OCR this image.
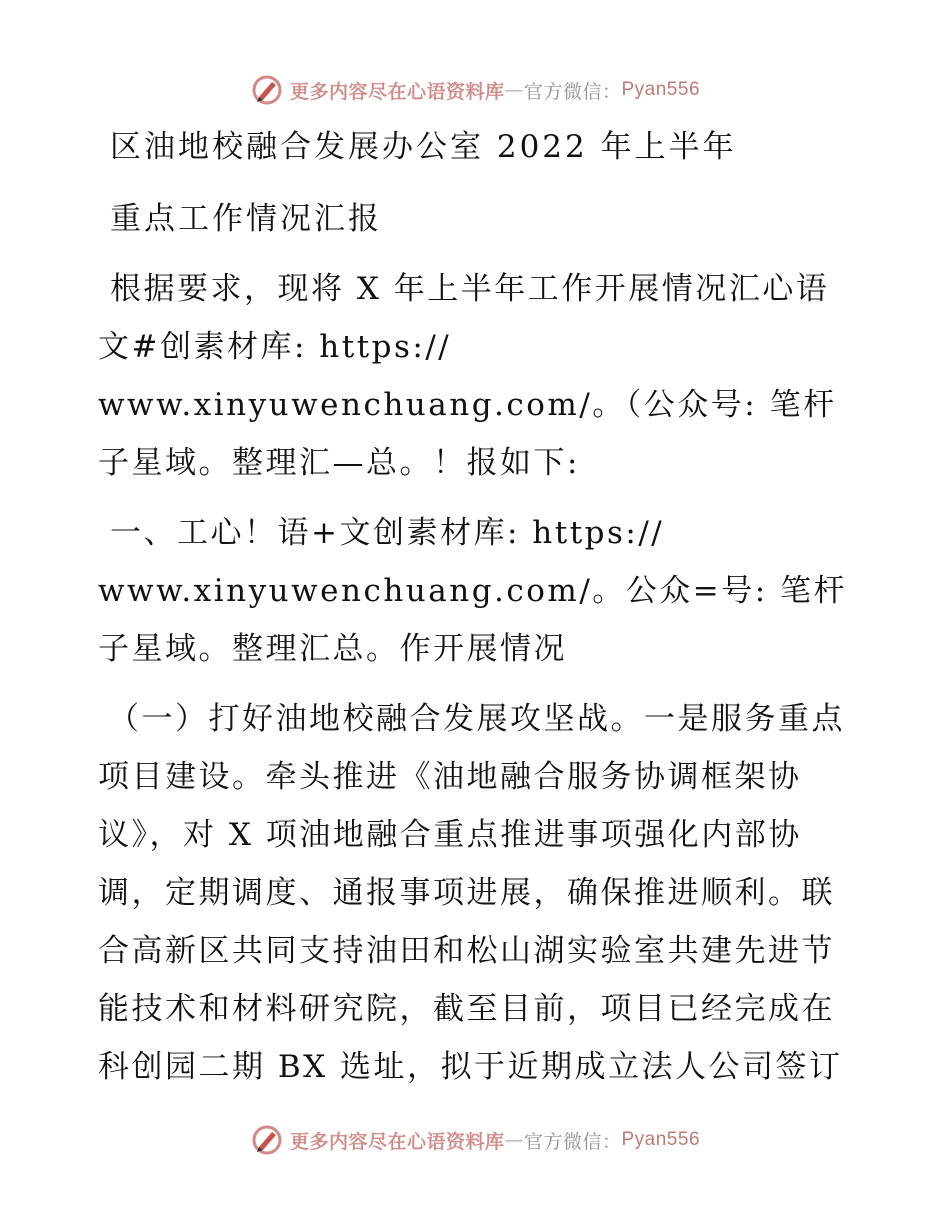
更多内容尽在心语资料库 — 官方微信： Pyan556

区油地校融合发展办公室 2022 年上半年

重点工作情况汇报

根据要求，现将 X 年上半年工作开展情况汇心语文#创素材库: https:// www.xinyuwenchuang.com/。（公众号: 笔杆子星域。整理汇—总。！报如下:

一、工心！语+文创素材库: https:// www.xinyuwenchuang.com/。公众=号: 笔杆子星域。整理汇总。作开展情况

（一）打好油地校融合发展攻坚战。一是服务重点项目建设。牵头推进《油地融合服务协调框架协议》，对 X 项油地融合重点推进事项强化内部协调，定期调度、通报事项进展，确保推进顺利。联合高新区共同支持油田和松山湖实验室共建先进节能技术和材料研究院，截至目前，项目已经完成在科创园二期 BX 选址，拟于近期成立法人公司签订

更多内容尽在心语资料库 — 官方微信： Pyan556
